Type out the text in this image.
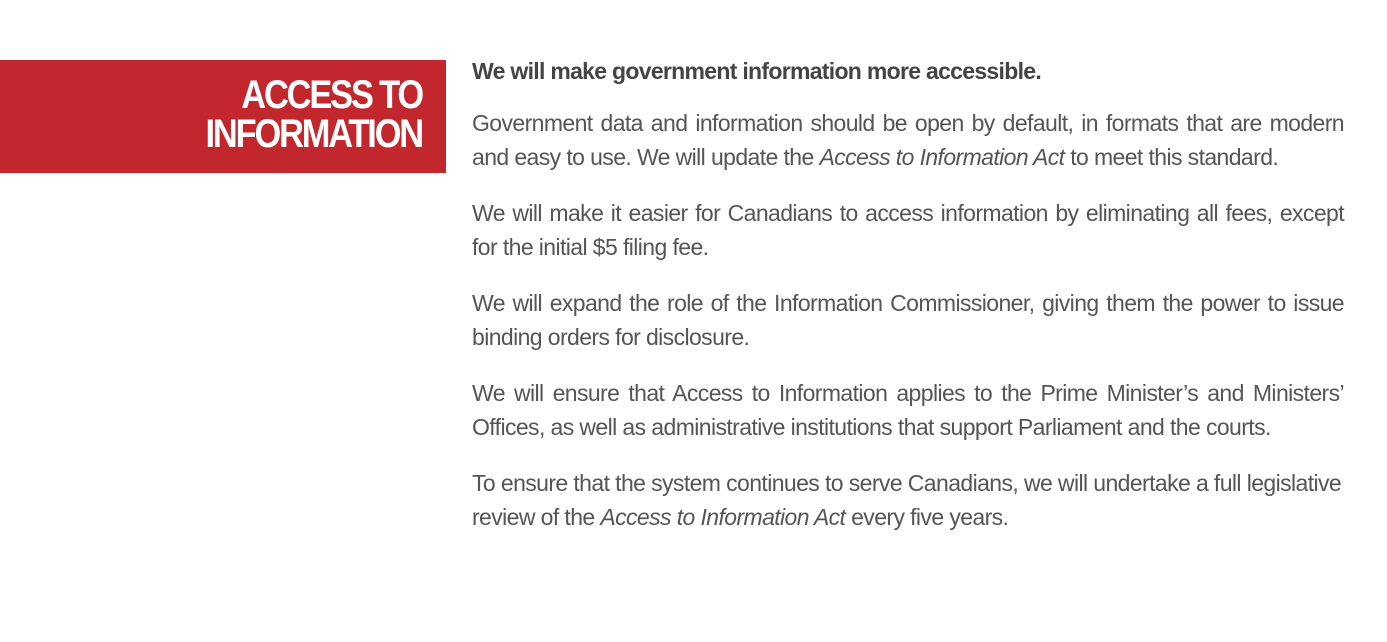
ACCESS TO
INFORMATION
We will make government information more accessible.

Government data and information should be open by default, in formats that are modern and easy to use. We will update the Access to Information Act to meet this standard.

We will make it easier for Canadians to access information by eliminating all fees, except for the initial $5 filing fee.

We will expand the role of the Information Commissioner, giving them the power to issue binding orders for disclosure.

We will ensure that Access to Information applies to the Prime Minister’s and Ministers’ Offices, as well as administrative institutions that support Parliament and the courts.

To ensure that the system continues to serve Canadians, we will undertake a full legislative review of the Access to Information Act every five years.
